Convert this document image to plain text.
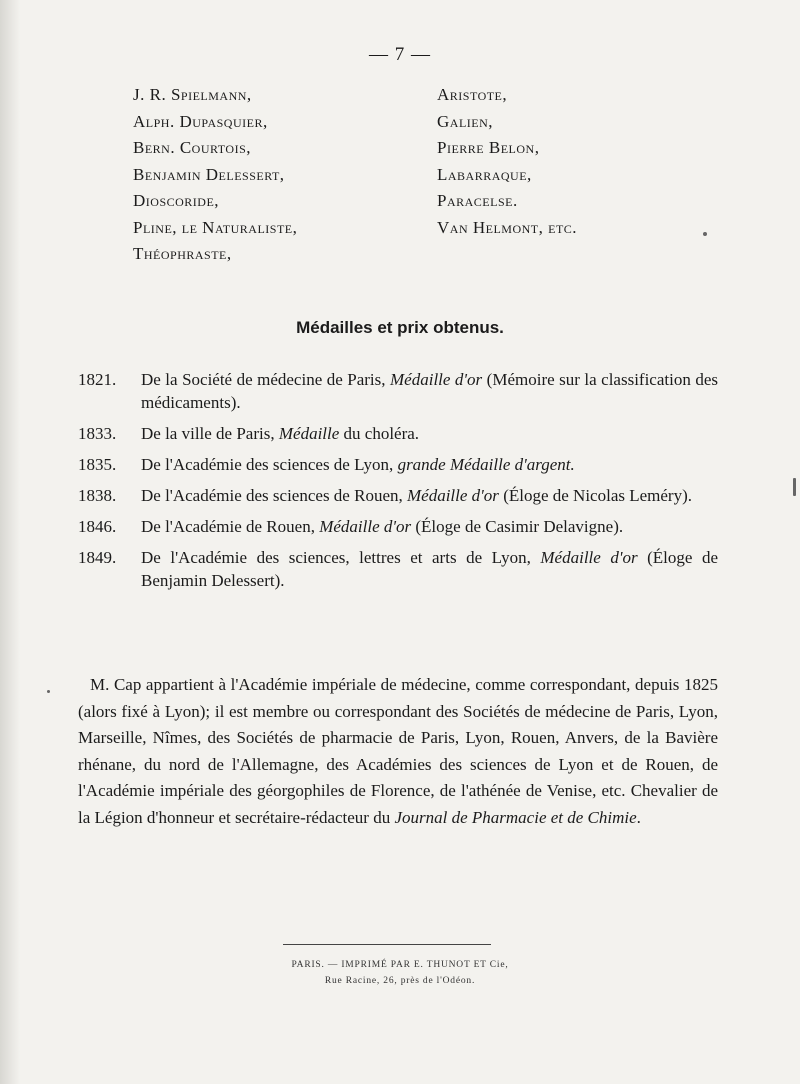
— 7 —
J. R. Spielmann,
Alph. Dupasquier,
Bern. Courtois,
Benjamin Delessert,
Dioscoride,
Pline, le Naturaliste,
Théophraste,
Aristote,
Galien,
Pierre Belon,
Labarraque,
Paracelse.
Van Helmont, etc.
Médailles et prix obtenus.
1821. De la Société de médecine de Paris, Médaille d'or (Mémoire sur la classification des médicaments).
1833. De la ville de Paris, Médaille du choléra.
1835. De l'Académie des sciences de Lyon, grande Médaille d'argent.
1838. De l'Académie des sciences de Rouen, Médaille d'or (Éloge de Nicolas Leméry).
1846. De l'Académie de Rouen, Médaille d'or (Éloge de Casimir Delavigne).
1849. De l'Académie des sciences, lettres et arts de Lyon, Médaille d'or (Éloge de Benjamin Delessert).
M. Cap appartient à l'Académie impériale de médecine, comme correspondant, depuis 1825 (alors fixé à Lyon); il est membre ou correspondant des Sociétés de médecine de Paris, Lyon, Marseille, Nîmes, des Sociétés de pharmacie de Paris, Lyon, Rouen, Anvers, de la Bavière rhénane, du nord de l'Allemagne, des Académies des sciences de Lyon et de Rouen, de l'Académie impériale des géorgophiles de Florence, de l'athénée de Venise, etc. Chevalier de la Légion d'honneur et secrétaire-rédacteur du Journal de Pharmacie et de Chimie.
PARIS. — IMPRIMÉ PAR E. THUNOT ET Cie,
Rue Racine, 26, près de l'Odéon.
